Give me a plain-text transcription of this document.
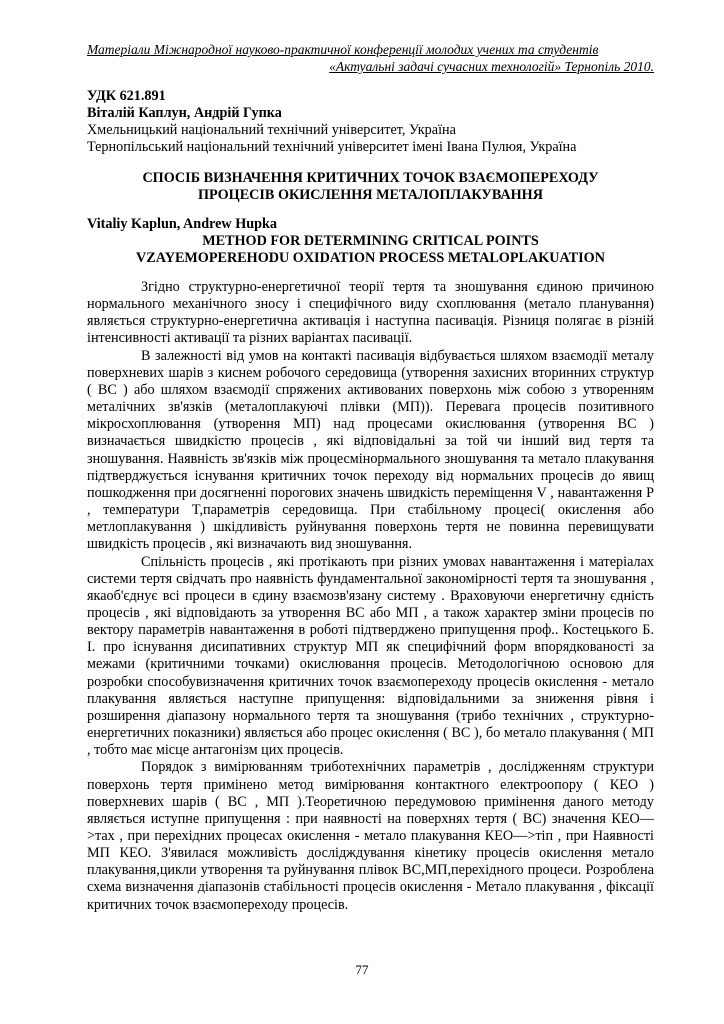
Матеріали Міжнародної науково-практичної конференції молодих учених та студентів
«Актуальні задачі сучасних технологій» Тернопіль 2010.
УДК 621.891
Віталій Каплун, Андрій Гупка
Хмельницький національний технічний університет, Україна
Тернопільський національний технічний університет імені Івана Пулюя, Україна
СПОСІБ ВИЗНАЧЕННЯ КРИТИЧНИХ ТОЧОК ВЗАЄМОПЕРЕХОДУ
ПРОЦЕСІВ ОКИСЛЕННЯ МЕТАЛОПЛАКУВАННЯ
Vitaliy Kaplun, Andrew Hupka
METHOD FOR DETERMINING CRITICAL POINTS
VZAYEMOPEREHODU OXIDATION PROCESS METALOPLAKUATION

Згідно структурно-енергетичної теорії тертя та зношування єдиною причиною нормального механічного зносу і специфічного виду схоплювання (метало планування) являється структурно-енергетична активація і наступна пасивація. Різниця полягає в різній інтенсивності активації та різних варіантах пасивації.

В залежності від умов на контакті пасивація відбувається шляхом взаємодії металу поверхневих шарів з киснем робочого середовища (утворення захисних вторинних структур ( ВС ) або шляхом взаємодії спряжених активованих поверхонь між собою з утворенням металічних зв'язків (металоплакуючі плівки (МП)). Перевага процесів позитивного мікросхоплювання (утворення МП) над процесами окислювання (утворення ВС ) визначається швидкістю процесів , які відповідальні за той чи інший вид тертя та зношування. Наявність зв'язків між процесмінормального зношування та метало плакування підтверджується існування критичних точок переходу від нормальних процесів до явищ пошкодження при досягненні порогових значень швидкість переміщення V , навантаження P , температури T,параметрів середовища. При стабільному процесі( окислення або метлоплакування ) шкідливість руйнування поверхонь тертя не повинна перевищувати швидкість процесів , які визначають вид зношування.

Спільність процесів , які протікають при різних умовах навантаження і матеріалах системи тертя свідчать про наявність фундаментальної закономірності тертя та зношування , якаоб'єднує всі процеси в єдину взаємозв'язану систему . Враховуючи енергетичну єдність процесів , які відповідають за утворення ВС або МП , а також характер зміни процесів по вектору параметрів навантаження в роботі підтверджено припущення проф.. Костецького Б. І. про існування дисипативних структур МП як специфічний форм впорядкованості за межами (критичними точками) окислювання процесів. Методологічною основою для розробки способувизначення критичних точок взаємопереходу процесів окислення - метало плакування являється наступне припущення: відповідальними за зниження рівня і розширення діапазону нормального тертя та зношування (трибо технічних , структурно-енергетичних показники) являється або процес окислення ( ВС ), бо метало плакування ( МП , тобто має місце антагонізм цих процесів.

Порядок з вимірюванням триботехнічних параметрів , дослідженням структури поверхонь тертя примінено метод вимірювання контактного електроопору ( КЕО ) поверхневих шарів ( ВС , МП ).Теоретичною передумовою примінення даного методу являється иступне припущення : при наявності на поверхнях тертя ( ВС) значення КЕО—>тах , при перехідних процесах окислення - метало плакування КЕО—>тіп , при Наявності МП КЕО. З'явилася можливість дослідждування кінетику процесів окислення метало плакування,цикли утворення та руйнування плівок ВС,МП,перехідного процеси. Розроблена схема визначення діапазонів стабільності процесів окислення - Метало плакування , фіксації критичних точок взаємопереходу процесів.

77
